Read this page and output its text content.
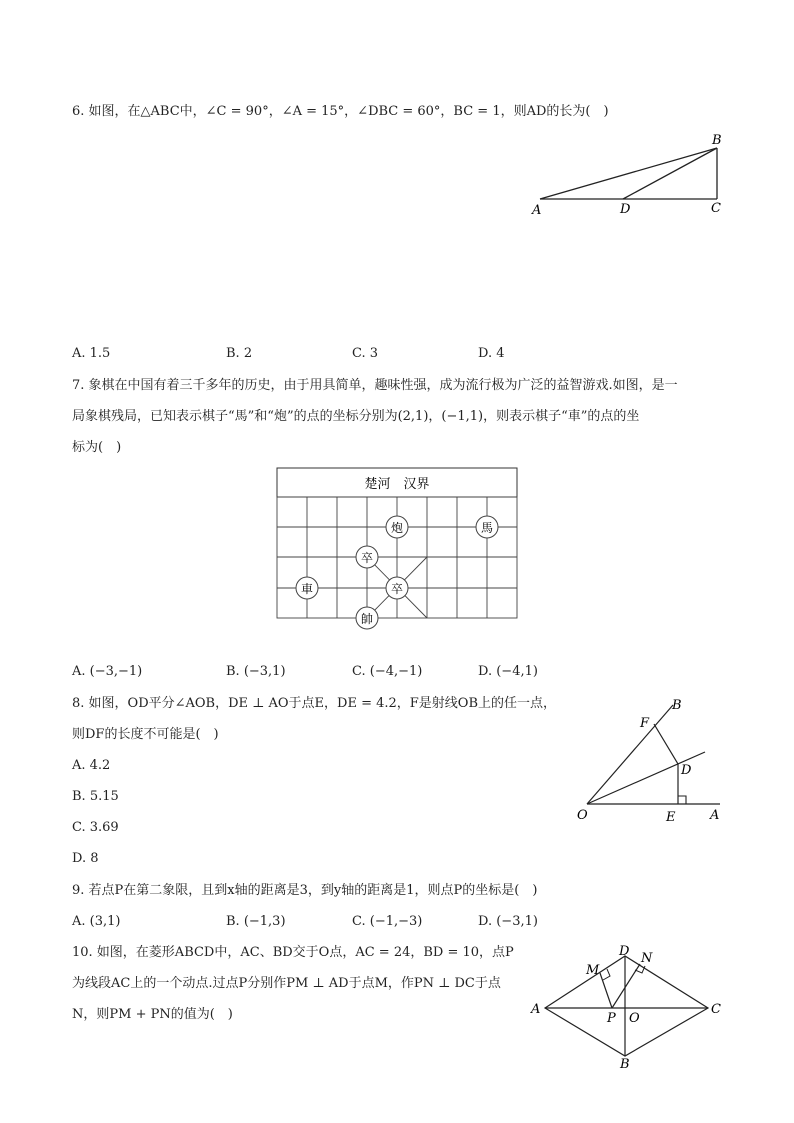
6. 如图，在△ABC中，∠C = 90°，∠A = 15°，∠DBC = 60°，BC = 1，则AD的长为(　)
A	D	C
B
A. 1.5	B. 2	C. 3	D. 4
7. 象棋在中国有着三千多年的历史，由于用具简单，趣味性强，成为流行极为广泛的益智游戏.如图，是一
局象棋残局，已知表示棋子“馬”和“炮”的点的坐标分别为(2,1)，(−1,1)，则表示棋子“車”的点的坐
标为(　)
楚河　汉界
炮	馬
卒
卒
車
帥
A. (−3,−1)	B. (−3,1)	C. (−4,−1)	D. (−4,1)
8. 如图，OD平分∠AOB，DE ⊥ AO于点E，DE = 4.2，F是射线OB上的任一点，
则DF的长度不可能是(　)
A. 4.2
B. 5.15
C. 3.69
D. 8
O	E	A
D
F
B
9. 若点P在第二象限，且到x轴的距离是3，到y轴的距离是1，则点P的坐标是(　)
A. (3,1)	B. (−1,3)	C. (−1,−3)	D. (−3,1)
10. 如图，在菱形ABCD中，AC、BD交于O点，AC = 24，BD = 10，点P
为线段AC上的一个动点.过点P分别作PM ⊥ AD于点M，作PN ⊥ DC于点
N，则PM + PN的值为(　)	A
D
C
B
M
N
P O
